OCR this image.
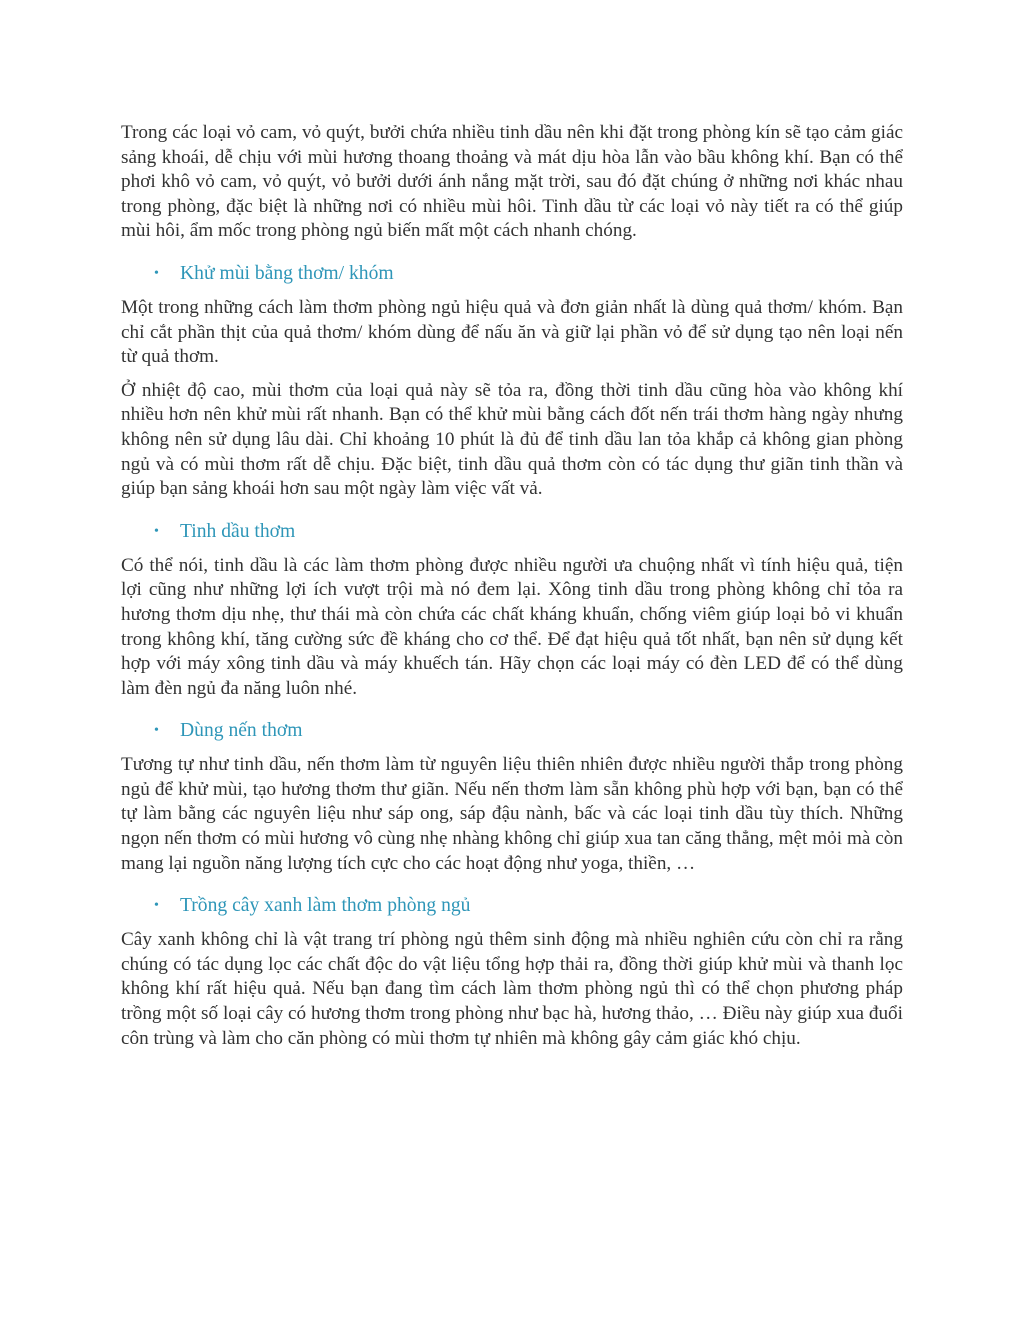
Trong các loại vỏ cam, vỏ quýt, bưởi chứa nhiều tinh dầu nên khi đặt trong phòng kín sẽ tạo cảm giác sảng khoái, dễ chịu với mùi hương thoang thoảng và mát dịu hòa lẫn vào bầu không khí. Bạn có thể phơi khô vỏ cam, vỏ quýt, vỏ bưởi dưới ánh nắng mặt trời, sau đó đặt chúng ở những nơi khác nhau trong phòng, đặc biệt là những nơi có nhiều mùi hôi. Tinh dầu từ các loại vỏ này tiết ra có thể giúp mùi hôi, ẩm mốc trong phòng ngủ biến mất một cách nhanh chóng.

• Khử mùi bằng thơm/ khóm

Một trong những cách làm thơm phòng ngủ hiệu quả và đơn giản nhất là dùng quả thơm/ khóm. Bạn chỉ cắt phần thịt của quả thơm/ khóm dùng để nấu ăn và giữ lại phần vỏ để sử dụng tạo nên loại nến từ quả thơm.

Ở nhiệt độ cao, mùi thơm của loại quả này sẽ tỏa ra, đồng thời tinh dầu cũng hòa vào không khí nhiều hơn nên khử mùi rất nhanh. Bạn có thể khử mùi bằng cách đốt nến trái thơm hàng ngày nhưng không nên sử dụng lâu dài. Chỉ khoảng 10 phút là đủ để tinh dầu lan tỏa khắp cả không gian phòng ngủ và có mùi thơm rất dễ chịu. Đặc biệt, tinh dầu quả thơm còn có tác dụng thư giãn tinh thần và giúp bạn sảng khoái hơn sau một ngày làm việc vất vả.

• Tinh dầu thơm

Có thể nói, tinh dầu là các làm thơm phòng được nhiều người ưa chuộng nhất vì tính hiệu quả, tiện lợi cũng như những lợi ích vượt trội mà nó đem lại. Xông tinh dầu trong phòng không chỉ tỏa ra hương thơm dịu nhẹ, thư thái mà còn chứa các chất kháng khuẩn, chống viêm giúp loại bỏ vi khuẩn trong không khí, tăng cường sức đề kháng cho cơ thể. Để đạt hiệu quả tốt nhất, bạn nên sử dụng kết hợp với máy xông tinh dầu và máy khuếch tán. Hãy chọn các loại máy có đèn LED để có thể dùng làm đèn ngủ đa năng luôn nhé.

• Dùng nến thơm

Tương tự như tinh dầu, nến thơm làm từ nguyên liệu thiên nhiên được nhiều người thắp trong phòng ngủ để khử mùi, tạo hương thơm thư giãn. Nếu nến thơm làm sẵn không phù hợp với bạn, bạn có thể tự làm bằng các nguyên liệu như sáp ong, sáp đậu nành, bấc và các loại tinh dầu tùy thích. Những ngọn nến thơm có mùi hương vô cùng nhẹ nhàng không chỉ giúp xua tan căng thẳng, mệt mỏi mà còn mang lại nguồn năng lượng tích cực cho các hoạt động như yoga, thiền, …

• Trồng cây xanh làm thơm phòng ngủ

Cây xanh không chỉ là vật trang trí phòng ngủ thêm sinh động mà nhiều nghiên cứu còn chỉ ra rằng chúng có tác dụng lọc các chất độc do vật liệu tổng hợp thải ra, đồng thời giúp khử mùi và thanh lọc không khí rất hiệu quả. Nếu bạn đang tìm cách làm thơm phòng ngủ thì có thể chọn phương pháp trồng một số loại cây có hương thơm trong phòng như bạc hà, hương thảo, … Điều này giúp xua đuổi côn trùng và làm cho căn phòng có mùi thơm tự nhiên mà không gây cảm giác khó chịu.
